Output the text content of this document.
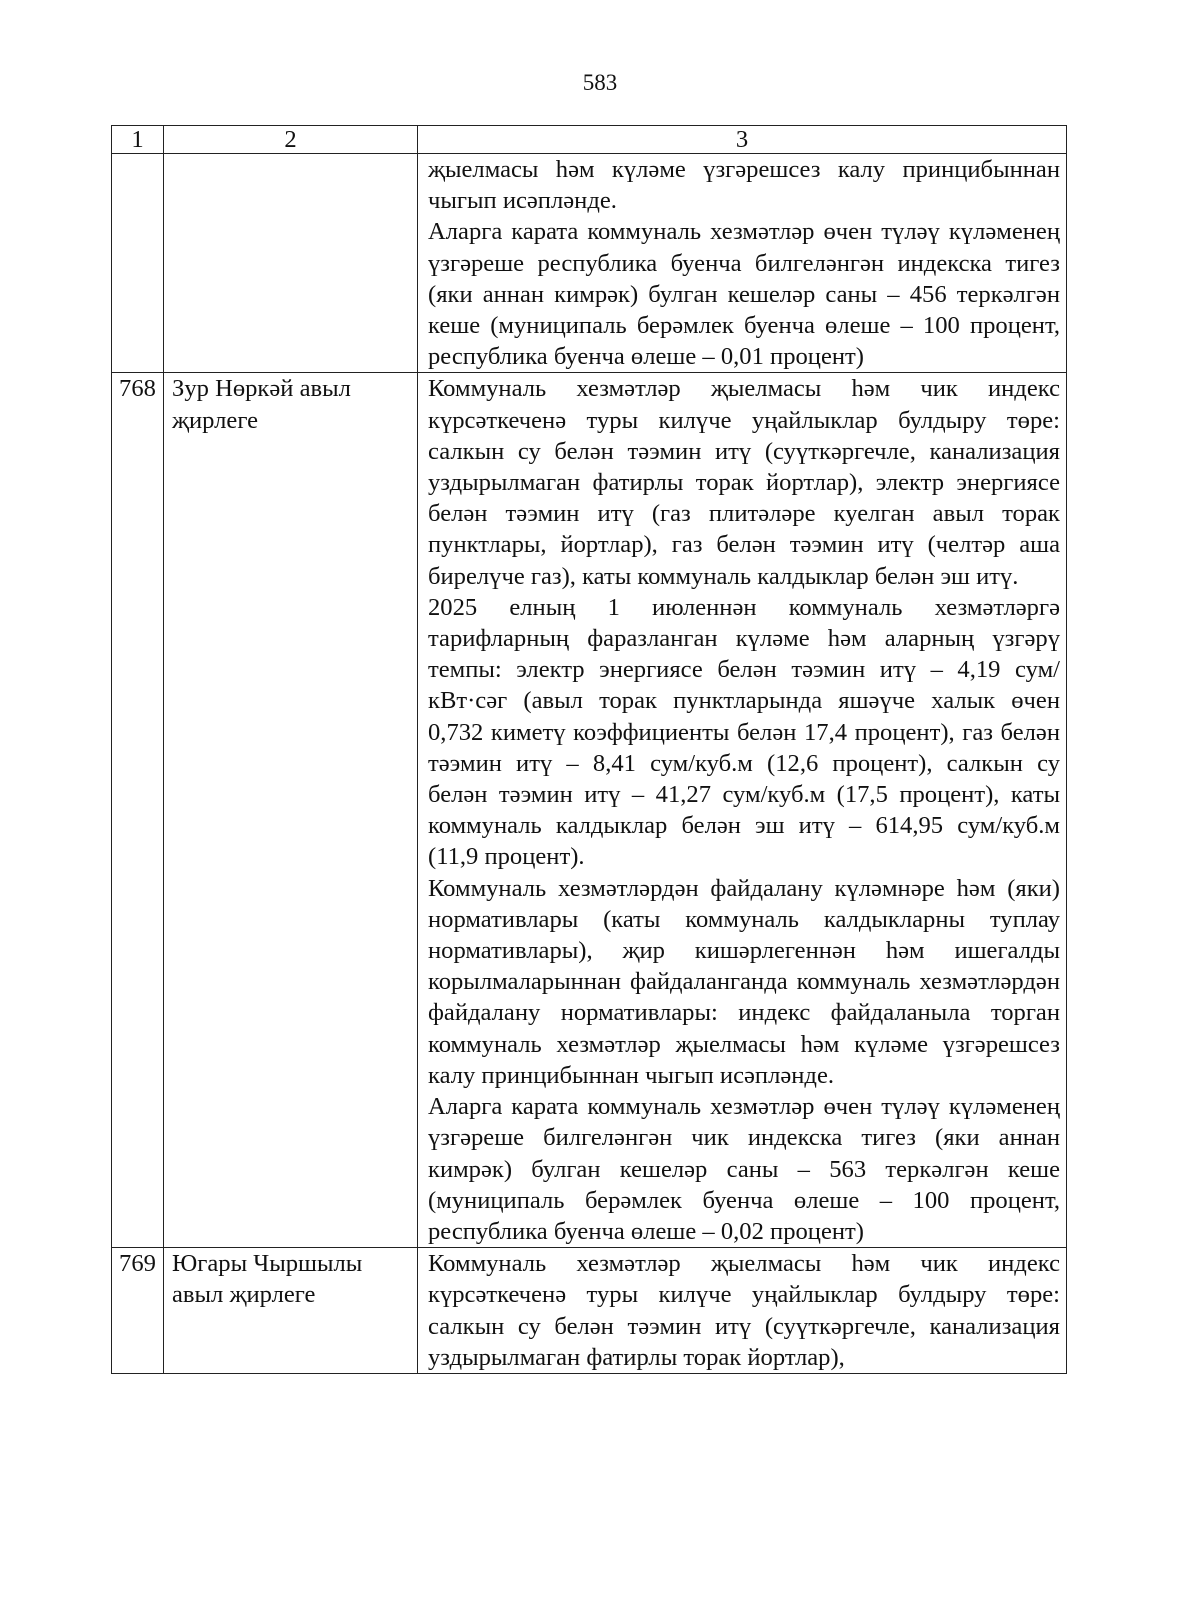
583
1	2	3

		җыелмасы һәм күләме үзгәрешсез калу принцибыннан чыгып исәпләнде.
Аларга карата коммуналь хезмәтләр өчен түләү күләменең үзгәреше республика буенча билгеләнгән индекска тигез (яки аннан кимрәк) булган кешеләр саны – 456 теркәлгән кеше (муниципаль берәмлек буенча өлеше – 100 процент, республика буенча өлеше – 0,01 процент)

768	Зур Нөркәй авыл җирлеге	Коммуналь хезмәтләр җыелмасы һәм чик индекс күрсәткеченә туры килүче уңайлыклар булдыру төре: салкын су белән тәэмин итү (суүткәргечле, канализация уздырылмаган фатирлы торак йортлар), электр энергиясе белән тәэмин итү (газ плитәләре куелган авыл торак пунктлары, йортлар), газ белән тәэмин итү (челтәр аша бирелүче газ), каты коммуналь калдыклар белән эш итү.
2025 елның 1 июленнән коммуналь хезмәтләргә тарифларның фаразланган күләме һәм аларның үзгәрү темпы: электр энергиясе белән тәэмин итү – 4,19 сум/кВт·сәг (авыл торак пунктларында яшәүче халык өчен 0,732 киметү коэффициенты белән 17,4 процент), газ белән тәэмин итү – 8,41 сум/куб.м (12,6 процент), салкын су белән тәэмин итү – 41,27 сум/куб.м (17,5 процент), каты коммуналь калдыклар белән эш итү – 614,95 сум/куб.м (11,9 процент).
Коммуналь хезмәтләрдән файдалану күләмнәре һәм (яки) нормативлары (каты коммуналь калдыкларны туплау нормативлары), җир кишәрлегеннән һәм ишегалды корылмаларыннан файдаланганда коммуналь хезмәтләрдән файдалану нормативлары: индекс файдаланыла торган коммуналь хезмәтләр җыелмасы һәм күләме үзгәрешсез калу принцибыннан чыгып исәпләнде.
Аларга карата коммуналь хезмәтләр өчен түләү күләменең үзгәреше билгеләнгән чик индекска тигез (яки аннан кимрәк) булган кешеләр саны – 563 теркәлгән кеше (муниципаль берәмлек буенча өлеше – 100 процент, республика буенча өлеше – 0,02 процент)

769	Югары Чыршылы авыл җирлеге	Коммуналь хезмәтләр җыелмасы һәм чик индекс күрсәткеченә туры килүче уңайлыклар булдыру төре: салкын су белән тәэмин итү (суүткәргечле, канализация уздырылмаган фатирлы торак йортлар),
